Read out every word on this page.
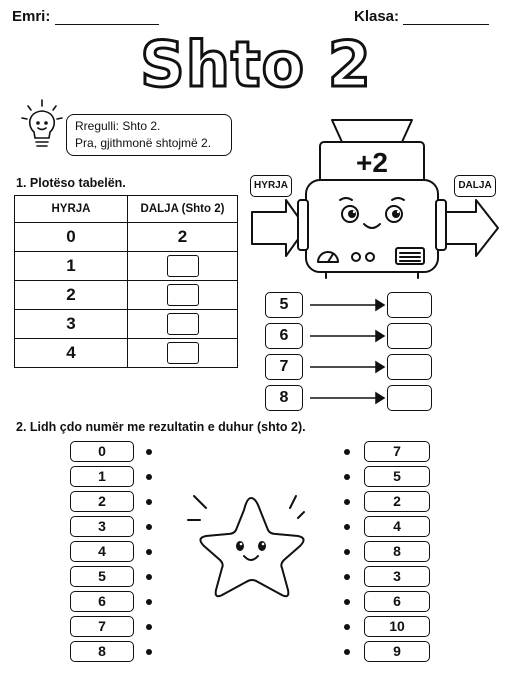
Emri:	Klasa:
Shto 2
Rregulli: Shto 2.
Pra, gjithmonë shtojmë 2.
1. Plotëso tabelën.
HYRJA	DALJA (Shto 2)
0	2
1	
2	
3	
4	
HYRJA	DALJA
+2
5
6
7
8
2. Lidh çdo numër me rezultatin e duhur (shto 2).
0
1
2
3
4
5
6
7
8
7
5
2
4
8
3
6
10
9
